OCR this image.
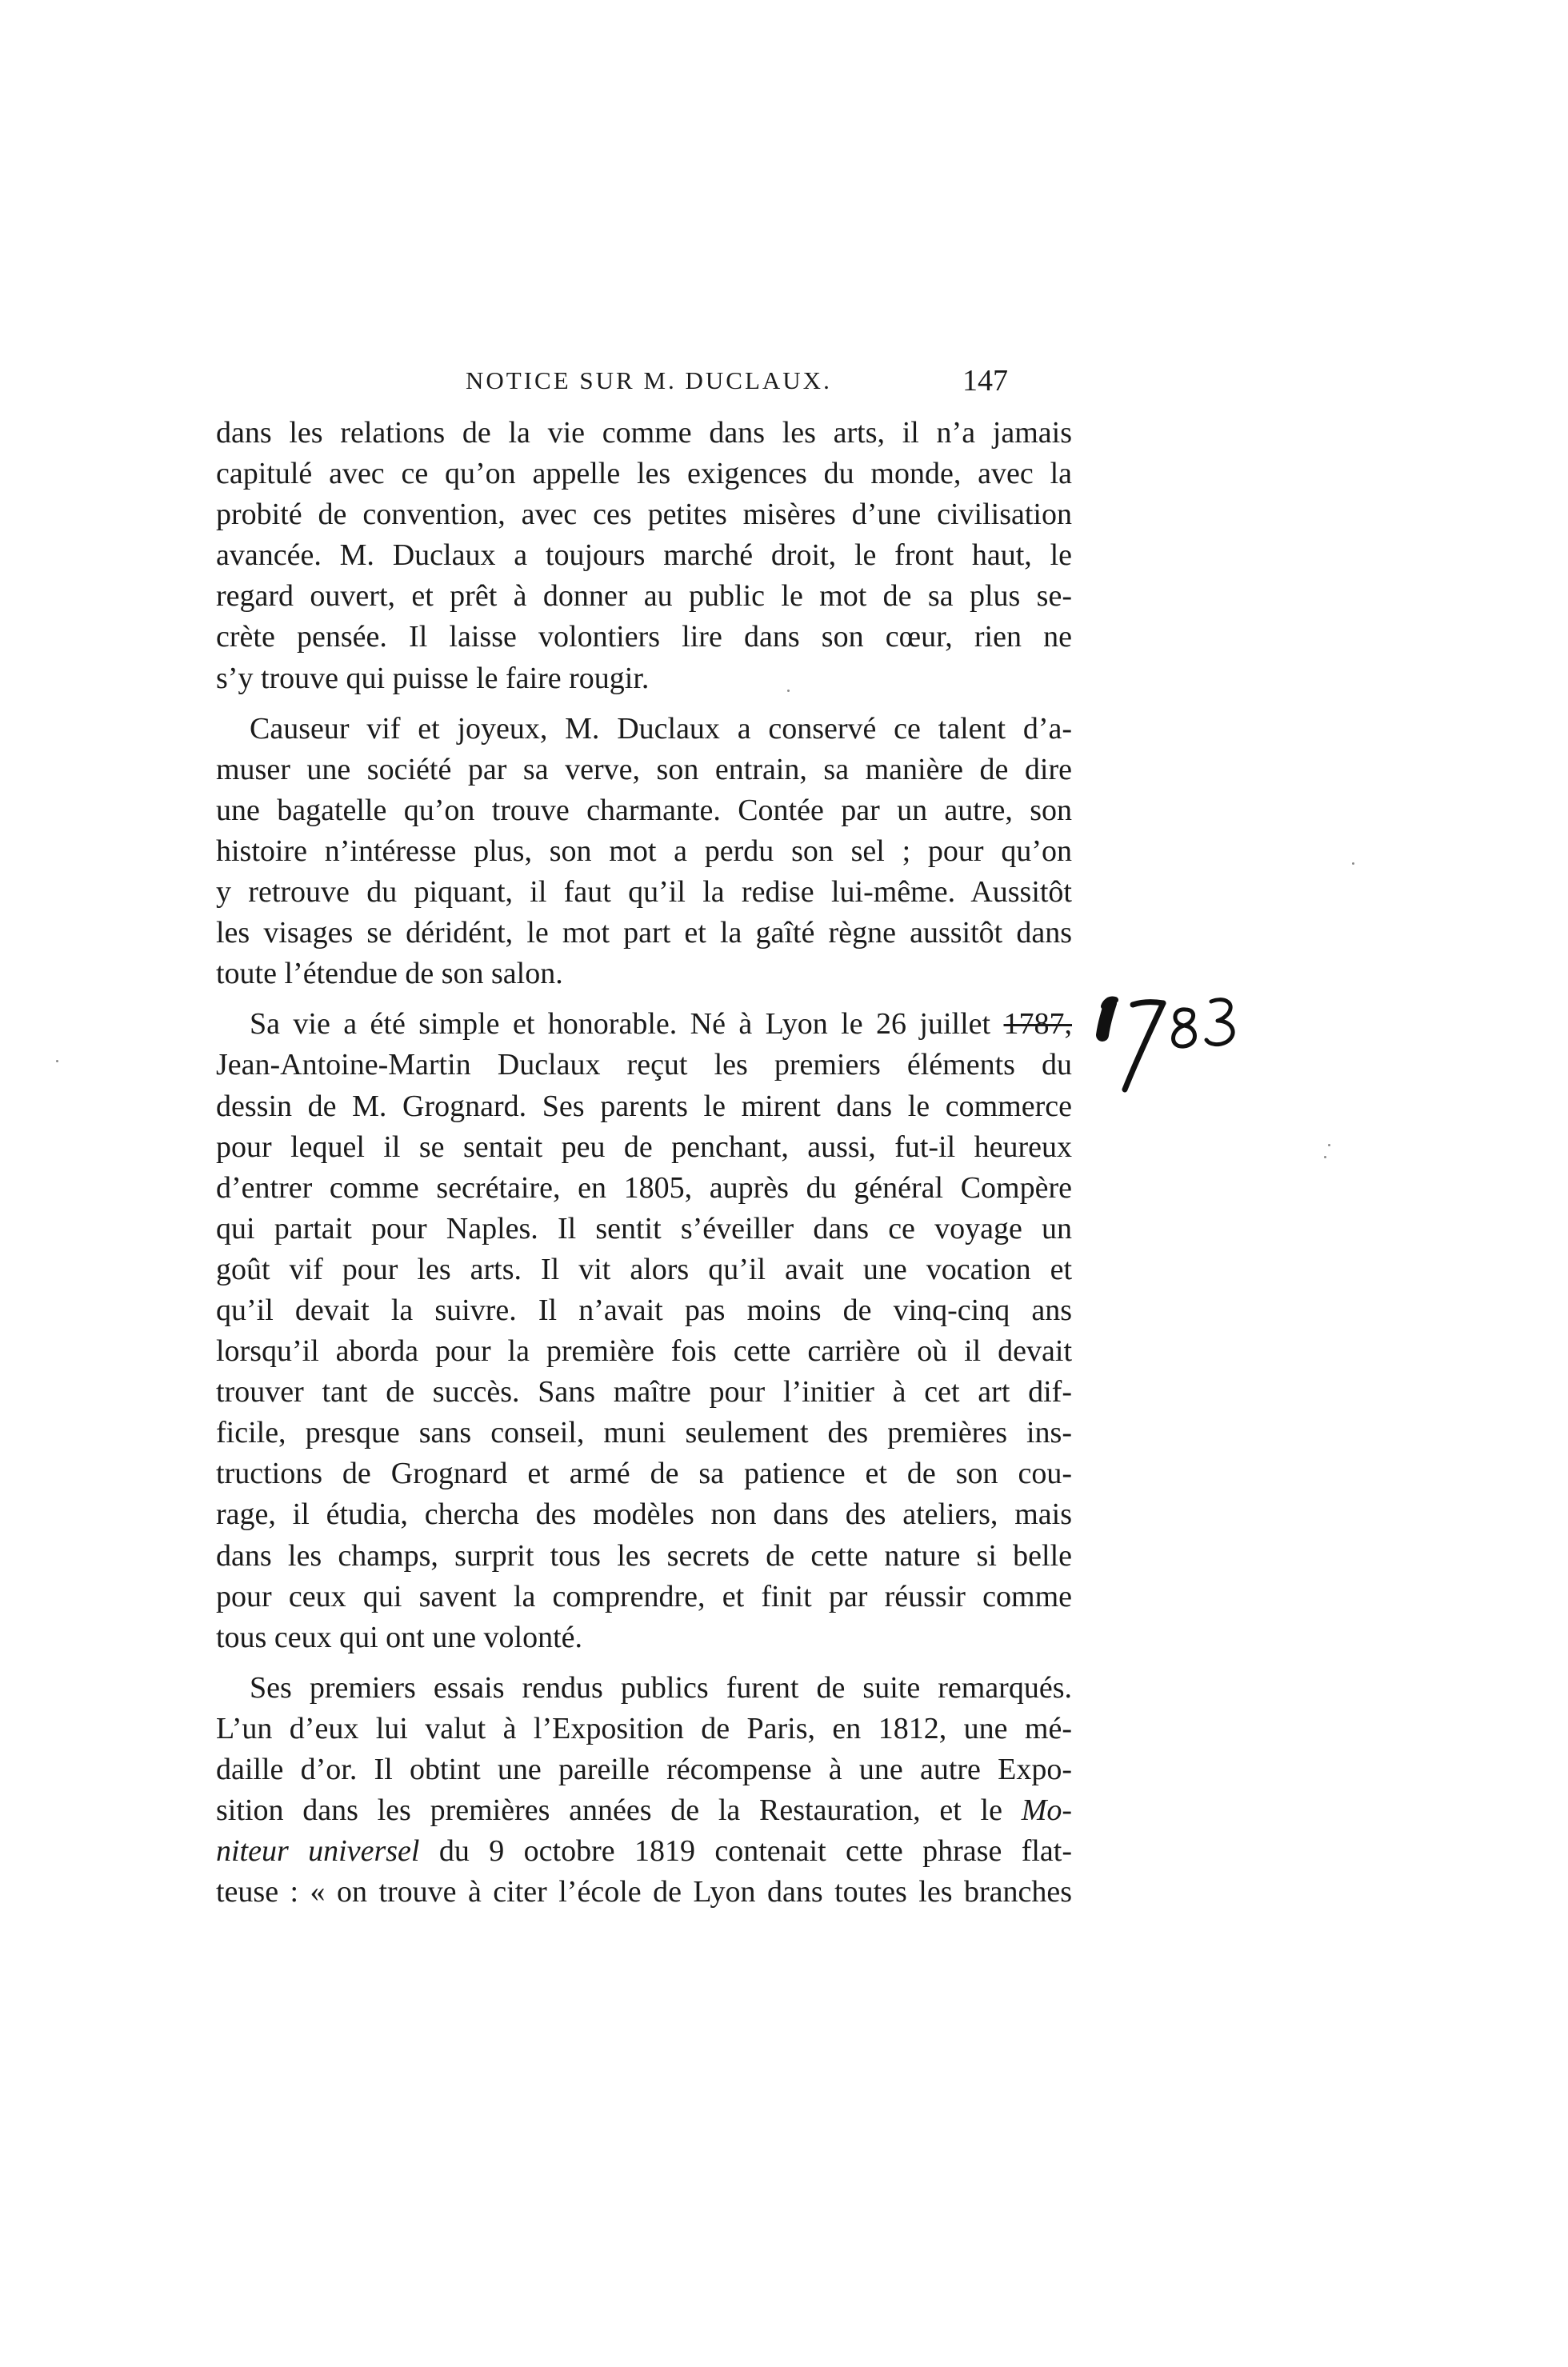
NOTICE SUR M. DUCLAUX.	147
dans les relations de la vie comme dans les arts, il n’a jamais
capitulé avec ce qu’on appelle les exigences du monde, avec la
probité de convention, avec ces petites misères d’une civilisation
avancée. M. Duclaux a toujours marché droit, le front haut, le
regard ouvert, et prêt à donner au public le mot de sa plus se-
crète pensée. Il laisse volontiers lire dans son cœur, rien ne
s’y trouve qui puisse le faire rougir.
Causeur vif et joyeux, M. Duclaux a conservé ce talent d’a-
muser une société par sa verve, son entrain, sa manière de dire
une bagatelle qu’on trouve charmante. Contée par un autre, son
histoire n’intéresse plus, son mot a perdu son sel ; pour qu’on
y retrouve du piquant, il faut qu’il la redise lui-même. Aussitôt
les visages se déridént, le mot part et la gaîté règne aussitôt dans
toute l’étendue de son salon.
Sa vie a été simple et honorable. Né à Lyon le 26 juillet 1787,
Jean-Antoine-Martin Duclaux reçut les premiers éléments du
dessin de M. Grognard. Ses parents le mirent dans le commerce
pour lequel il se sentait peu de penchant, aussi, fut-il heureux
d’entrer comme secrétaire, en 1805, auprès du général Compère
qui partait pour Naples. Il sentit s’éveiller dans ce voyage un
goût vif pour les arts. Il vit alors qu’il avait une vocation et
qu’il devait la suivre. Il n’avait pas moins de vinq-cinq ans
lorsqu’il aborda pour la première fois cette carrière où il devait
trouver tant de succès. Sans maître pour l’initier à cet art dif-
ficile, presque sans conseil, muni seulement des premières ins-
tructions de Grognard et armé de sa patience et de son cou-
rage, il étudia, chercha des modèles non dans des ateliers, mais
dans les champs, surprit tous les secrets de cette nature si belle
pour ceux qui savent la comprendre, et finit par réussir comme
tous ceux qui ont une volonté.
Ses premiers essais rendus publics furent de suite remarqués.
L’un d’eux lui valut à l’Exposition de Paris, en 1812, une mé-
daille d’or. Il obtint une pareille récompense à une autre Expo-
sition dans les premières années de la Restauration, et le Mo-
niteur universel du 9 octobre 1819 contenait cette phrase flat-
teuse : « on trouve à citer l’école de Lyon dans toutes les branches
